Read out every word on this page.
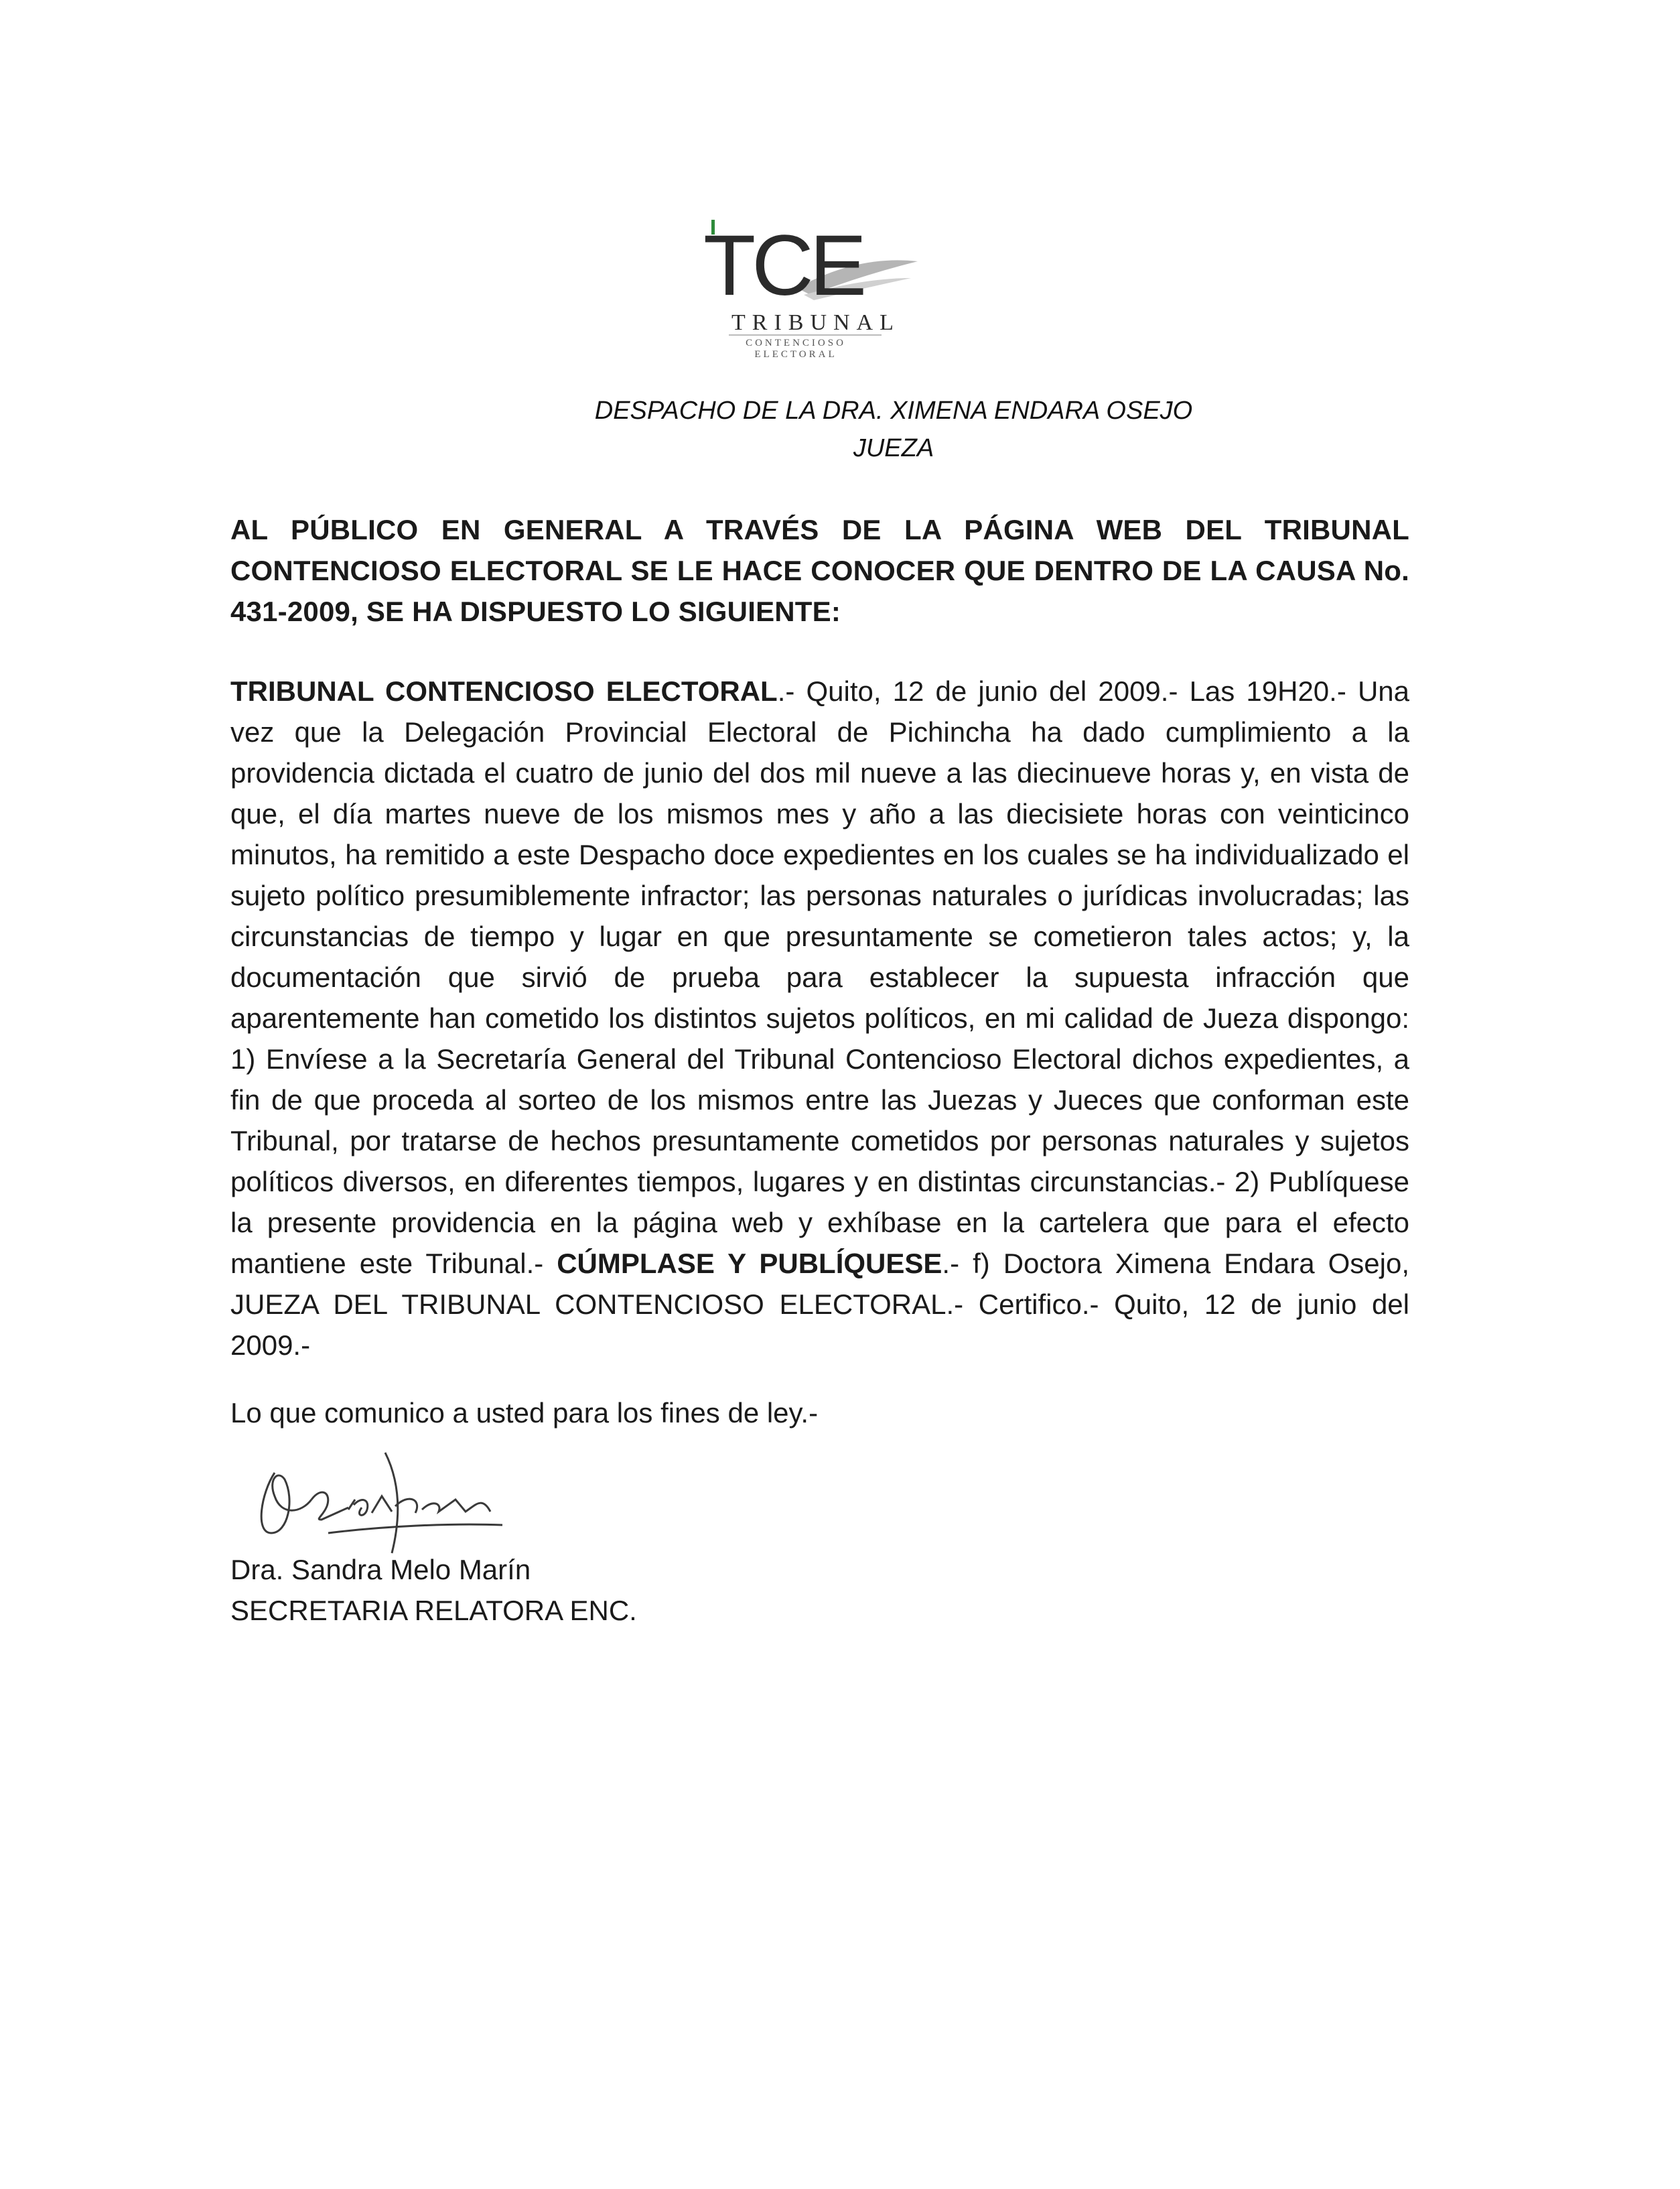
TCE
TRIBUNAL
CONTENCIOSO ELECTORAL
DESPACHO DE LA DRA. XIMENA ENDARA OSEJO
JUEZA
AL PÚBLICO EN GENERAL A TRAVÉS DE LA PÁGINA WEB DEL TRIBUNAL CONTENCIOSO ELECTORAL SE LE HACE CONOCER QUE DENTRO DE LA CAUSA No. 431-2009, SE HA DISPUESTO LO SIGUIENTE:
TRIBUNAL CONTENCIOSO ELECTORAL.- Quito, 12 de junio del 2009.- Las 19H20.- Una vez que la Delegación Provincial Electoral de Pichincha ha dado cumplimiento a la providencia dictada el cuatro de junio del dos mil nueve a las diecinueve horas y, en vista de que, el día martes nueve de los mismos mes y año a las diecisiete horas con veinticinco minutos, ha remitido a este Despacho doce expedientes en los cuales se ha individualizado el sujeto político presumiblemente infractor; las personas naturales o jurídicas involucradas; las circunstancias de tiempo y lugar en que presuntamente se cometieron tales actos; y, la documentación que sirvió de prueba para establecer la supuesta infracción que aparentemente han cometido los distintos sujetos políticos, en mi calidad de Jueza dispongo: 1) Envíese a la Secretaría General del Tribunal Contencioso Electoral dichos expedientes, a fin de que proceda al sorteo de los mismos entre las Juezas y Jueces que conforman este Tribunal, por tratarse de hechos presuntamente cometidos por personas naturales y sujetos políticos diversos, en diferentes tiempos, lugares y en distintas circunstancias.- 2) Publíquese la presente providencia en la página web y exhíbase en la cartelera que para el efecto mantiene este Tribunal.- CÚMPLASE Y PUBLÍQUESE.- f) Doctora Ximena Endara Osejo, JUEZA DEL TRIBUNAL CONTENCIOSO ELECTORAL.- Certifico.- Quito, 12 de junio del 2009.-
Lo que comunico a usted para los fines de ley.-
Dra. Sandra Melo Marín
SECRETARIA RELATORA ENC.
